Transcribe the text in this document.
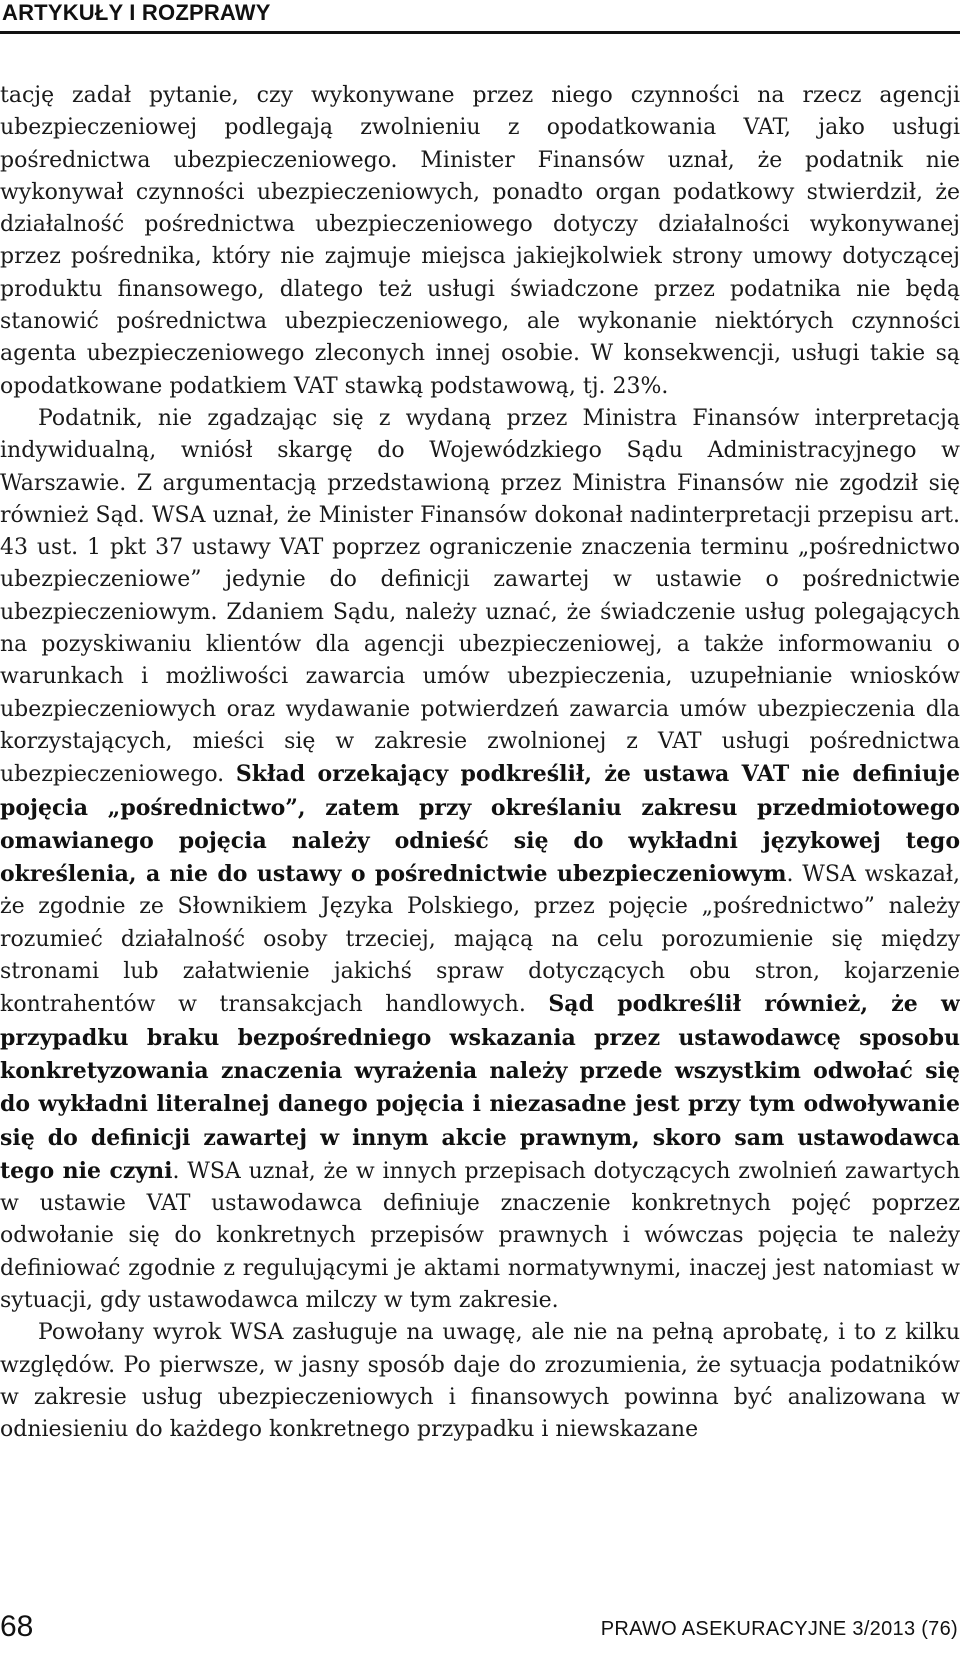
ARTYKUŁY I ROZPRAWY

tację zadał pytanie, czy wykonywane przez niego czynności na rzecz agencji ubezpieczeniowej podlegają zwolnieniu z opodatkowania VAT, jako usługi pośrednictwa ubezpieczeniowego. Minister Finansów uznał, że podatnik nie wykonywał czynności ubezpieczeniowych, ponadto organ podatkowy stwierdził, że działalność pośrednictwa ubezpieczeniowego dotyczy działalności wykonywanej przez pośrednika, który nie zajmuje miejsca jakiejkolwiek strony umowy dotyczącej produktu finansowego, dlatego też usługi świadczone przez podatnika nie będą stanowić pośrednictwa ubezpieczeniowego, ale wykonanie niektórych czynności agenta ubezpieczeniowego zleconych innej osobie. W konsekwencji, usługi takie są opodatkowane podatkiem VAT stawką podstawową, tj. 23%.

Podatnik, nie zgadzając się z wydaną przez Ministra Finansów interpretacją indywidualną, wniósł skargę do Wojewódzkiego Sądu Administracyjnego w Warszawie. Z argumentacją przedstawioną przez Ministra Finansów nie zgodził się również Sąd. WSA uznał, że Minister Finansów dokonał nadinterpretacji przepisu art. 43 ust. 1 pkt 37 ustawy VAT poprzez ograniczenie znaczenia terminu „pośrednictwo ubezpieczeniowe” jedynie do definicji zawartej w ustawie o pośrednictwie ubezpieczeniowym. Zdaniem Sądu, należy uznać, że świadczenie usług polegających na pozyskiwaniu klientów dla agencji ubezpieczeniowej, a także informowaniu o warunkach i możliwości zawarcia umów ubezpieczenia, uzupełnianie wniosków ubezpieczeniowych oraz wydawanie potwierdzeń zawarcia umów ubezpieczenia dla korzystających, mieści się w zakresie zwolnionej z VAT usługi pośrednictwa ubezpieczeniowego. Skład orzekający podkreślił, że ustawa VAT nie definiuje pojęcia „pośrednictwo”, zatem przy określaniu zakresu przedmiotowego omawianego pojęcia należy odnieść się do wykładni językowej tego określenia, a nie do ustawy o pośrednictwie ubezpieczeniowym. WSA wskazał, że zgodnie ze Słownikiem Języka Polskiego, przez pojęcie „pośrednictwo” należy rozumieć działalność osoby trzeciej, mającą na celu porozumienie się między stronami lub załatwienie jakichś spraw dotyczących obu stron, kojarzenie kontrahentów w transakcjach handlowych. Sąd podkreślił również, że w przypadku braku bezpośredniego wskazania przez ustawodawcę sposobu konkretyzowania znaczenia wyrażenia należy przede wszystkim odwołać się do wykładni literalnej danego pojęcia i niezasadne jest przy tym odwoływanie się do definicji zawartej w innym akcie prawnym, skoro sam ustawodawca tego nie czyni. WSA uznał, że w innych przepisach dotyczących zwolnień zawartych w ustawie VAT ustawodawca definiuje znaczenie konkretnych pojęć poprzez odwołanie się do konkretnych przepisów prawnych i wówczas pojęcia te należy definiować zgodnie z regulującymi je aktami normatywnymi, inaczej jest natomiast w sytuacji, gdy ustawodawca milczy w tym zakresie.

Powołany wyrok WSA zasługuje na uwagę, ale nie na pełną aprobatę, i to z kilku względów. Po pierwsze, w jasny sposób daje do zrozumienia, że sytuacja podatników w zakresie usług ubezpieczeniowych i finansowych powinna być analizowana w odniesieniu do każdego konkretnego przypadku i niewskazane

68	PRAWO ASEKURACYJNE 3/2013 (76)
